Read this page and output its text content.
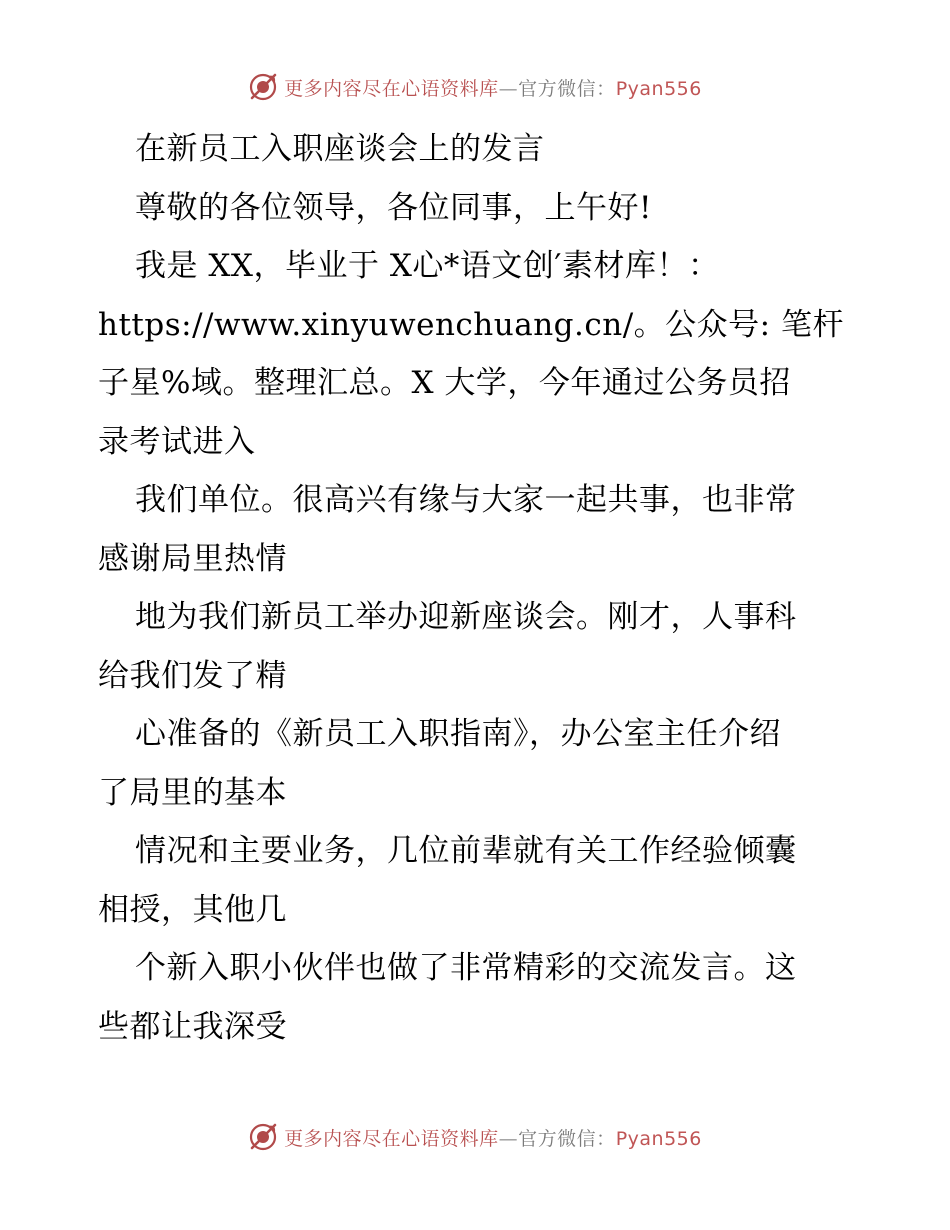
更多内容尽在心语资料库—官方微信：Pyan556
在新员工入职座谈会上的发言
尊敬的各位领导，各位同事，上午好!
我是 XX，毕业于 X心*语文创′素材库！：
https://www.xinyuwenchuang.cn/。公众号: 笔杆
子星%域。整理汇总。X 大学，今年通过公务员招
录考试进入
我们单位。很高兴有缘与大家一起共事，也非常
感谢局里热情
地为我们新员工举办迎新座谈会。刚才，人事科
给我们发了精
心准备的《新员工入职指南》，办公室主任介绍
了局里的基本
情况和主要业务，几位前辈就有关工作经验倾囊
相授，其他几
个新入职小伙伴也做了非常精彩的交流发言。这
些都让我深受
更多内容尽在心语资料库—官方微信：Pyan556
